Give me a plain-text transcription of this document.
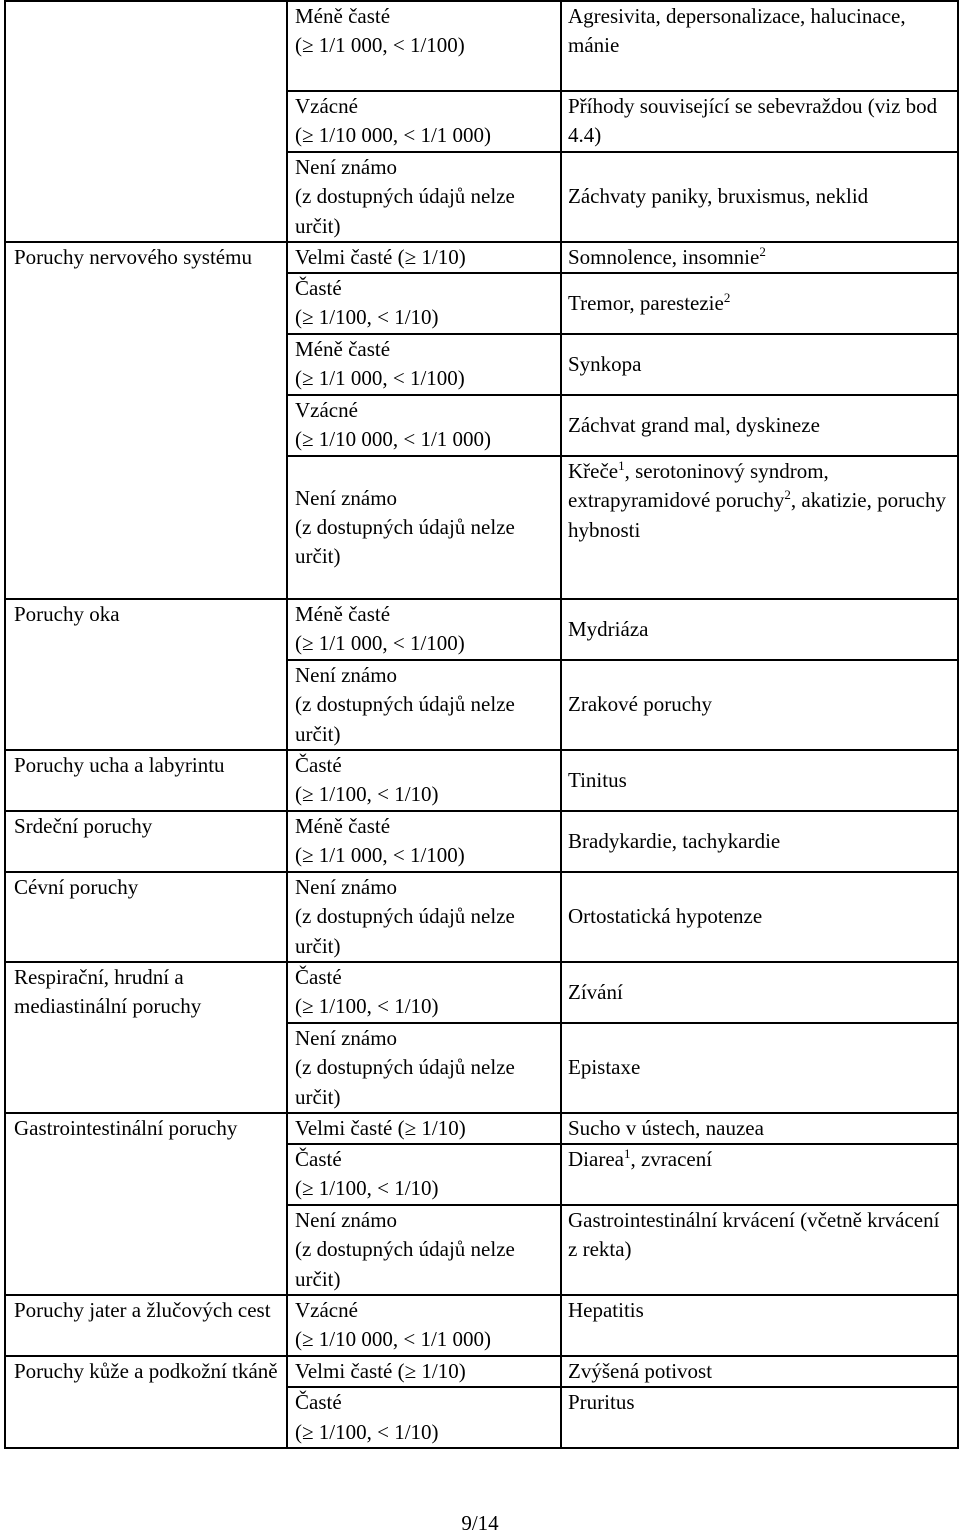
	Méně časté
(≥ 1/1 000, < 1/100)	Agresivita, depersonalizace, halucinace, mánie
	Vzácné
(≥ 1/10 000, < 1/1 000)	Příhody související se sebevraždou (viz bod 4.4)
	Není známo
(z dostupných údajů nelze určit)	Záchvaty paniky, bruxismus, neklid
Poruchy nervového systému	Velmi časté (≥ 1/10)	Somnolence, insomnie$^2$
	Časté
(≥ 1/100, < 1/10)	Tremor, parestezie$^2$
	Méně časté
(≥ 1/1 000, < 1/100)	Synkopa
	Vzácné
(≥ 1/10 000, < 1/1 000)	Záchvat grand mal, dyskineze
	Není známo
(z dostupných údajů nelze určit)	Křeče$^1$, serotoninový syndrom, extrapyramidové poruchy$^2$, akatizie, poruchy hybnosti
Poruchy oka	Méně časté
(≥ 1/1 000, < 1/100)	Mydriáza
	Není známo
(z dostupných údajů nelze určit)	Zrakové poruchy
Poruchy ucha a labyrintu	Časté
(≥ 1/100, < 1/10)	Tinitus
Srdeční poruchy	Méně časté
(≥ 1/1 000, < 1/100)	Bradykardie, tachykardie
Cévní poruchy	Není známo
(z dostupných údajů nelze určit)	Ortostatická hypotenze
Respirační, hrudní a mediastinální poruchy	Časté
(≥ 1/100, < 1/10)	Zívání
	Není známo
(z dostupných údajů nelze určit)	Epistaxe
Gastrointestinální poruchy	Velmi časté (≥ 1/10)	Sucho v ústech, nauzea
	Časté
(≥ 1/100, < 1/10)	Diarea$^1$, zvracení
	Není známo
(z dostupných údajů nelze určit)	Gastrointestinální krvácení (včetně krvácení z rekta)
Poruchy jater a žlučových cest	Vzácné
(≥ 1/10 000, < 1/1 000)	Hepatitis
Poruchy kůže a podkožní tkáně	Velmi časté (≥ 1/10)	Zvýšená potivost
	Časté
(≥ 1/100, < 1/10)	Pruritus
9/14
